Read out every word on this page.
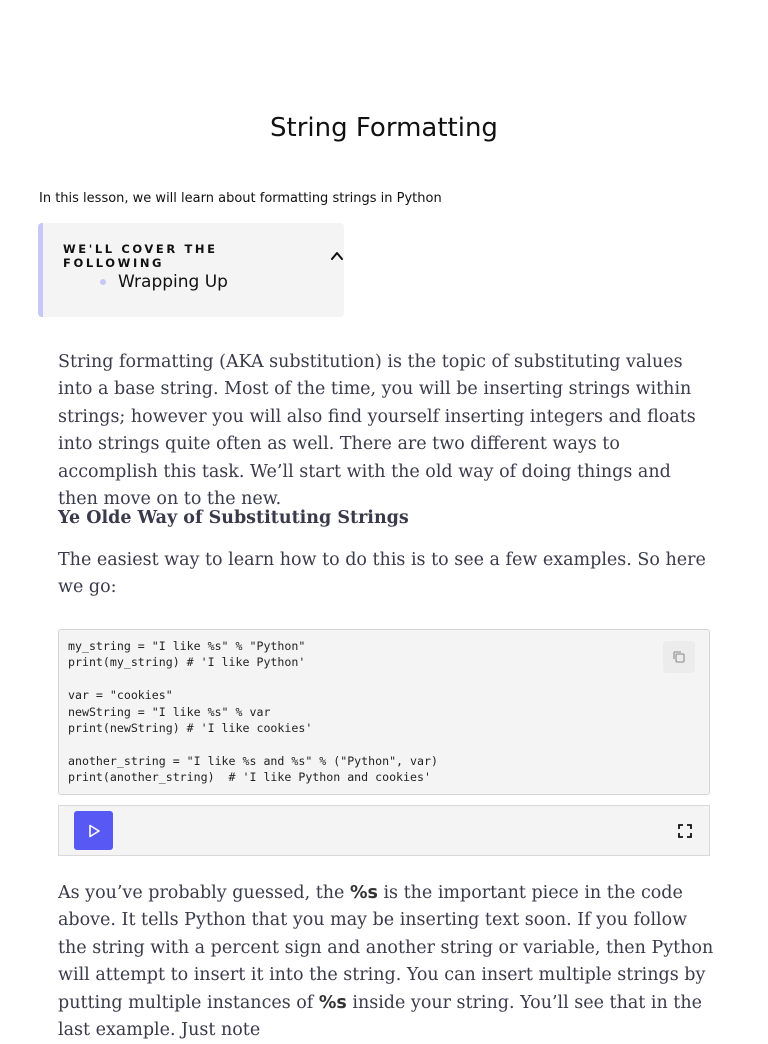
String Formatting

In this lesson, we will learn about formatting strings in Python

WE'LL COVER THE FOLLOWING
Wrapping Up

String formatting (AKA substitution) is the topic of substituting values into a base string. Most of the time, you will be inserting strings within strings; however you will also find yourself inserting integers and floats into strings quite often as well. There are two different ways to accomplish this task. We’ll start with the old way of doing things and then move on to the new.

Ye Olde Way of Substituting Strings

The easiest way to learn how to do this is to see a few examples. So here we go:

my_string = "I like %s" % "Python"
print(my_string) # 'I like Python'
var = "cookies"
newString = "I like %s" % var
print(newString) # 'I like cookies'
another_string = "I like %s and %s" % ("Python", var)
print(another_string)  # 'I like Python and cookies'

As you’ve probably guessed, the %s is the important piece in the code above. It tells Python that you may be inserting text soon. If you follow the string with a percent sign and another string or variable, then Python will attempt to insert it into the string. You can insert multiple strings by putting multiple instances of %s inside your string. You’ll see that in the last example. Just note
